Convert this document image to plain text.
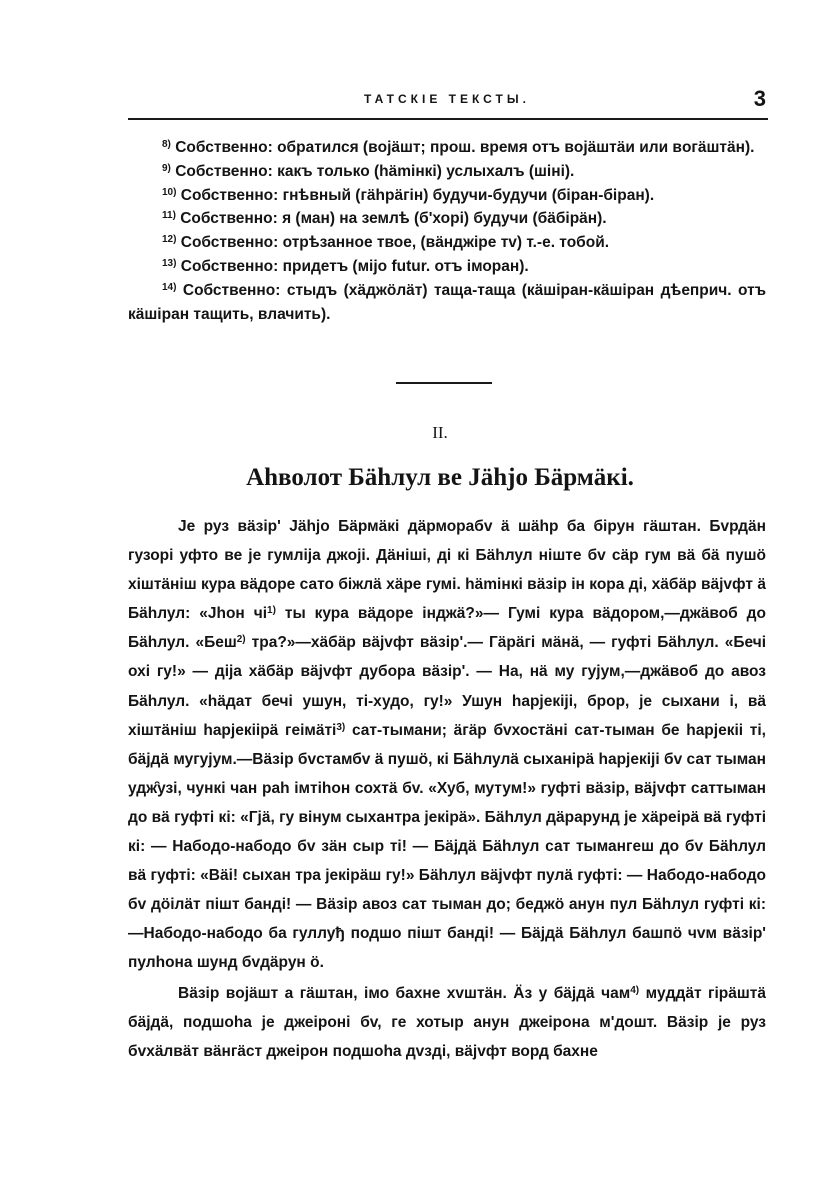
ТАТСКІЕ ТЕКСТЫ.	3

$^{8)}$ Собственно: обратился (вojäшт; прош. время отъ вojäштäи или вoгäштäн).

$^{9)}$ Собственно: какъ только (hämiнкi) услыхалъ (шiнi).

$^{10)}$ Собственно: гнѣвный (гähpäгiн) будучи-будучи (біран-біран).

$^{11)}$ Собственно: я (ман) на землѣ (б'хорi) будучи (бäбiрäн).

$^{12)}$ Собственно: отрѣзанное твое, (вäнджiре тv) т.-е. тобой.

$^{13)}$ Собственно: придетъ (мijo futur. отъ iморан).

$^{14)}$ Собственно: стыдъ (хäджöлäт) таща-таща (кäшiран-кäшiран дѣеприч. отъ кäшiран тащить, влачить).

II.
Аhволот Бähлул ве Jähjo Бäрмäкi.

Je руз вäзiр' Jähjo Бäрмäкi дäрморабv ä шähр ба бiрун гäштан. Бvрдäн гузорi уфто ве je гумлija джojі. Дäнiшi, дi кi Бähлул нiште бv сäр гум вä бä пушö хiштäнiш кура вäдоре сато бiжлä хäре гумi. hämiнкi вäзiр iн кора дi, хäбäр вäjvфт ä Бähлул: «Jhoн $чi^{1)}$ ты кура вäдоре iнджä?»— Гумi кура вäдором,—джäвоб до Бähлул. «Беш$^{2)}$ тра?»—хäбäр вäjvфт вäзiр'.— Гäрäгi мäнä, — гуфтi Бähлул. «Бечi охi гу!» — дija хäбäр вäjvфт дубора вäзiр'. — На, нä му гуjум,—джäвоб до авоз Бähлул. «häдат бечi ушун, тi-худо, гу!» Ушун hapjeкiji, брор, je сыхани i, вä хiштäнiш hapjeкiipä геiмäтi$^{3)}$ сат-тымани; äгäр бvхостäнi сат-тыман бе hapjeкii тi, бäjдä мугуjум.—Вäзiр бvстамбv ä пушö, кi Бähлулä сыханiрä hapjeкiji бv сат тыман удж̑узi, чункi чан раh iмтihoн сохтä бv. «Хуб, мутум!» гуфтi вäзiр, вäjvфт саттыман до вä гуфтi кi: «Гjä, гу вiнум сыхантра jeкipä». Бähлул дäрарунд je хäреiрä вä гуфтi кi: — Набодо-набодо бv зäн сыр тi! — Бäjдä Бähлул сат тымангеш до бv Бähлул вä гуфтi: «Вäi! сыхан тра jeкipäш гу!» Бähлул вäjvфт пулä гуфтi: — Набодо-набодо бv дöiлäт пiшт бандi! — Вäзiр авоз сат тыман до; беджö анун пул Бähлул гуфтi кi:—Набодо-набодо ба гуллуђ подшо пiшт бандi! — Бäjдä Бähлул башпö чvм вäзiр' пулhона шунд бvдäрун ö.

Вäзiр вojäшт а гäштан, iмо бахне хvштäн. Äз у бäjдä чам$^{4)}$ мyддäт гipäштä бäjдä, подшоhа je джеiронi бv, ге хотыр анун джеiрона м'дошт. Вäзiр je руз бvхäлвäт вäнгäст джеiрон подшоhа дvздi, вäjvфт ворд бахне
